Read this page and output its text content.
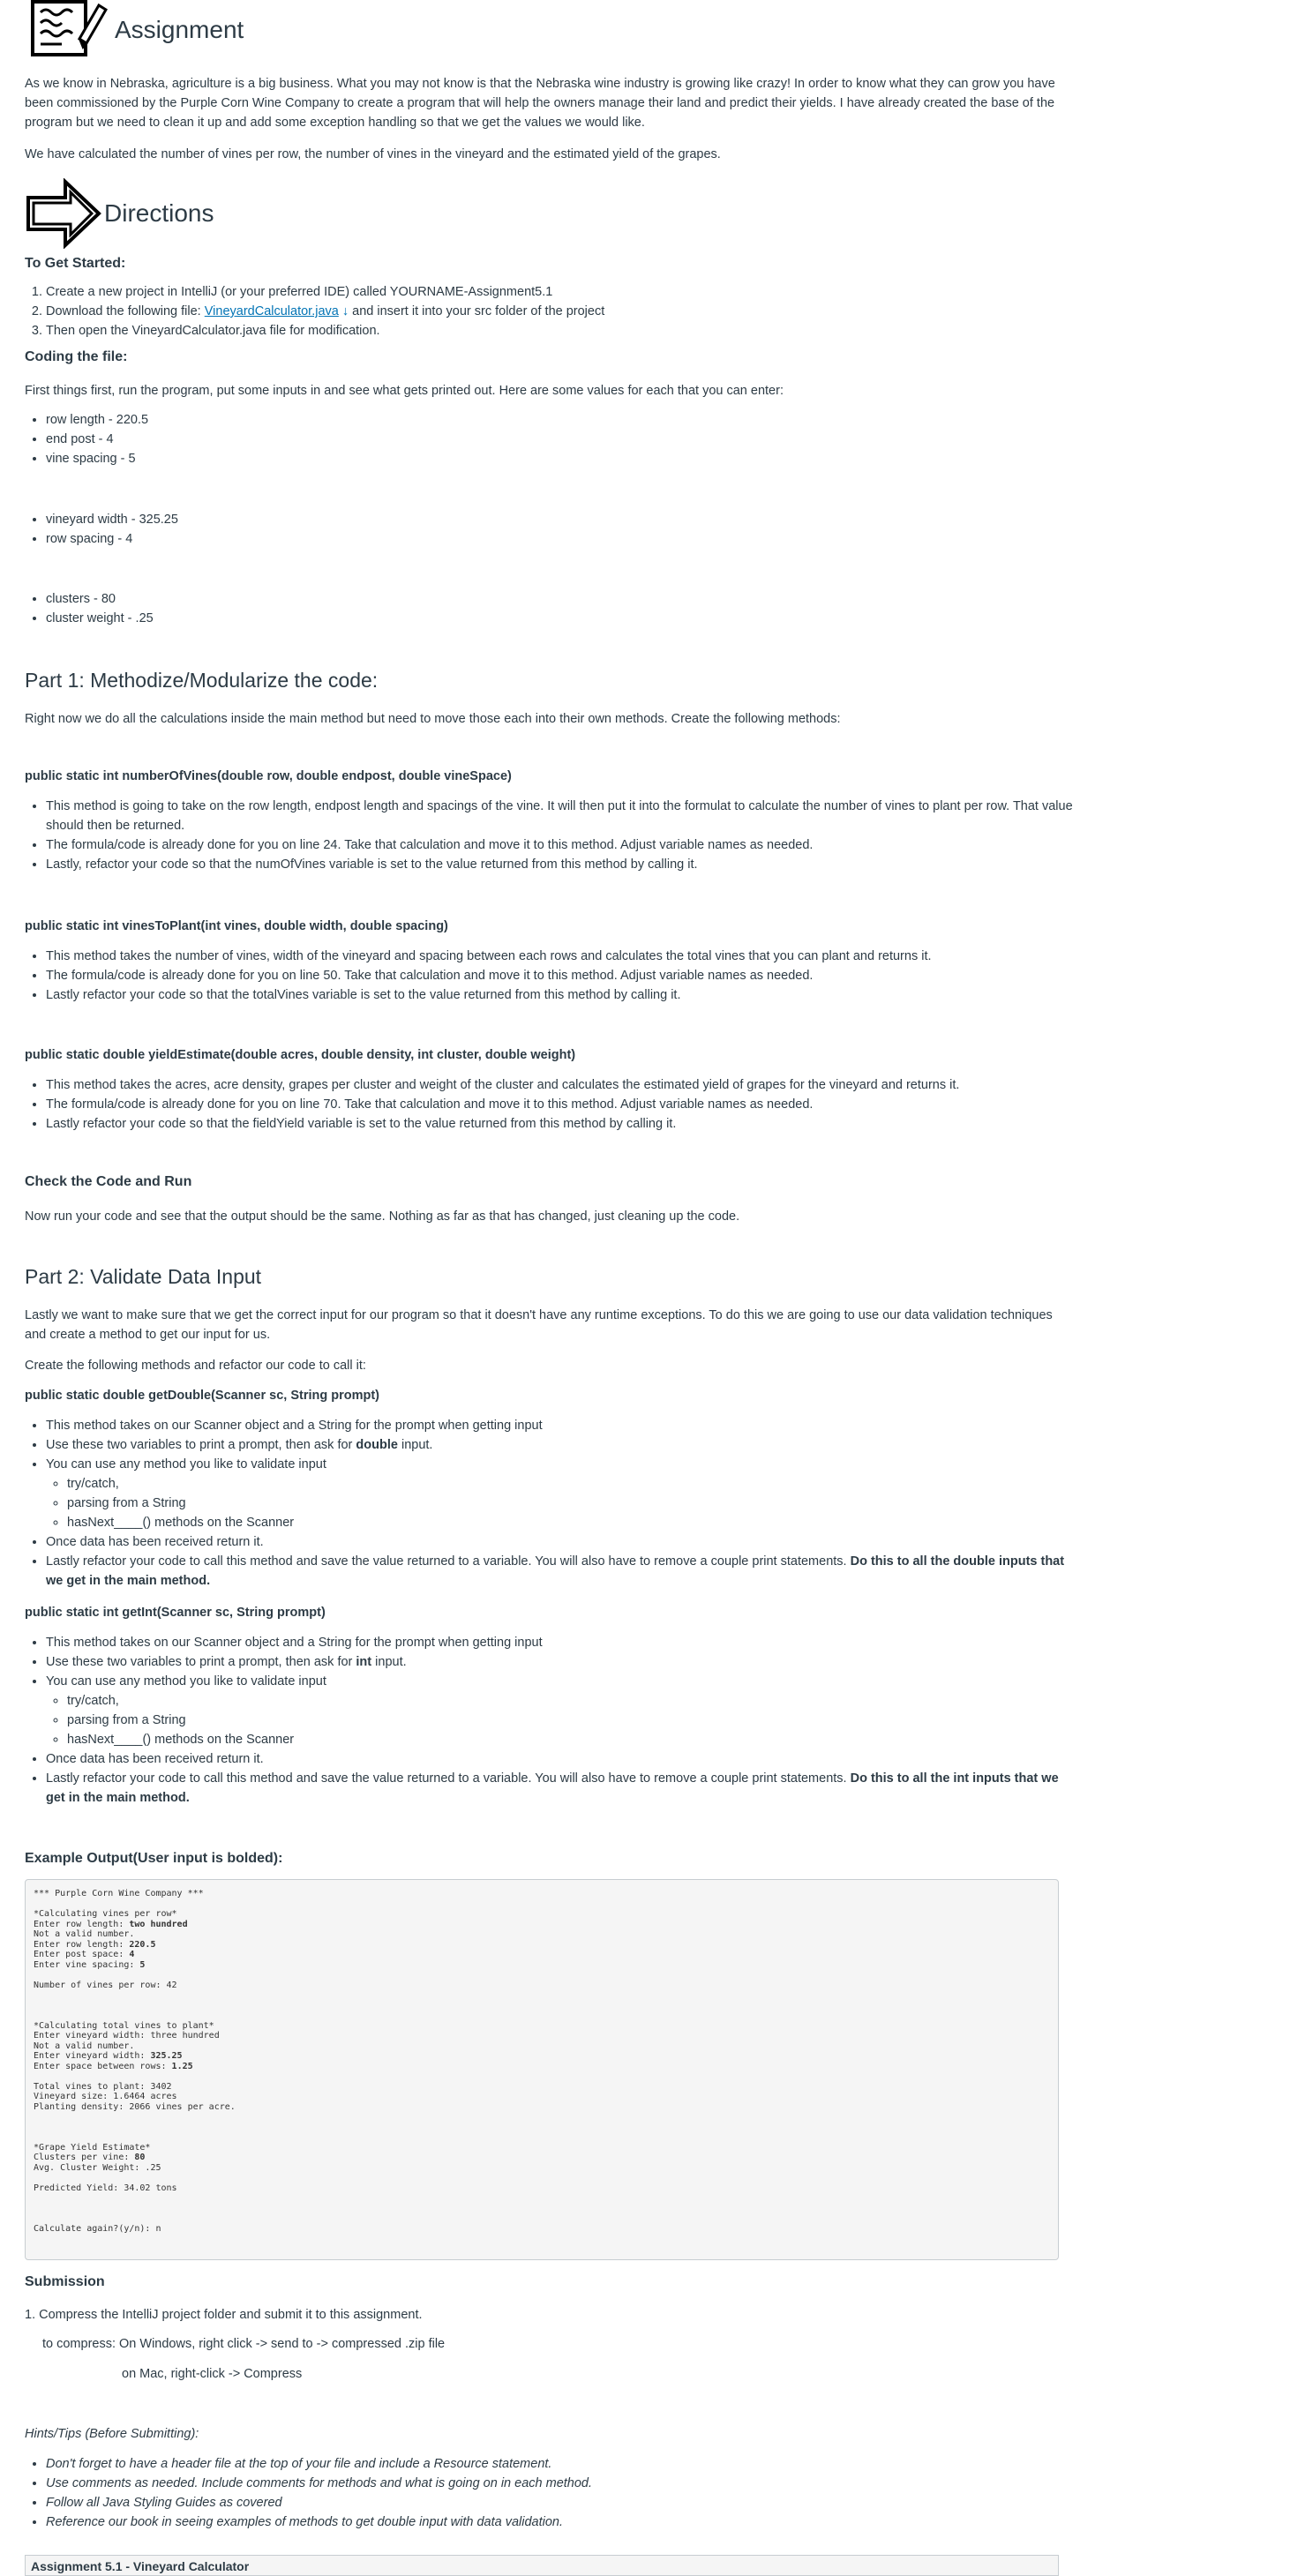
Assignment

As we know in Nebraska, agriculture is a big business. What you may not know is that the Nebraska wine industry is growing like crazy! In order to know what they can grow you have been commissioned by the Purple Corn Wine Company to create a program that will help the owners manage their land and predict their yields. I have already created the base of the program but we need to clean it up and add some exception handling so that we get the values we would like.

We have calculated the number of vines per row, the number of vines in the vineyard and the estimated yield of the grapes.

Directions
To Get Started:
1. Create a new project in IntelliJ (or your preferred IDE) called YOURNAME-Assignment5.1
2. Download the following file: VineyardCalculator.java ↓ and insert it into your src folder of the project
3. Then open the VineyardCalculator.java file for modification.
Coding the file:

First things first, run the program, put some inputs in and see what gets printed out. Here are some values for each that you can enter:

• row length - 220.5
• end post - 4
• vine spacing - 5
• vineyard width - 325.25
• row spacing - 4
• clusters - 80
• cluster weight - .25
Part 1: Methodize/Modularize the code:

Right now we do all the calculations inside the main method but need to move those each into their own methods. Create the following methods:

public static int numberOfVines(double row, double endpost, double vineSpace)
• This method is going to take on the row length, endpost length and spacings of the vine. It will then put it into the formulat to calculate the number of vines to plant per row. That value should then be returned.
• The formula/code is already done for you on line 24. Take that calculation and move it to this method. Adjust variable names as needed.
• Lastly, refactor your code so that the numOfVines variable is set to the value returned from this method by calling it.
public static int vinesToPlant(int vines, double width, double spacing)
• This method takes the number of vines, width of the vineyard and spacing between each rows and calculates the total vines that you can plant and returns it.
• The formula/code is already done for you on line 50. Take that calculation and move it to this method. Adjust variable names as needed.
• Lastly refactor your code so that the totalVines variable is set to the value returned from this method by calling it.
public static double yieldEstimate(double acres, double density, int cluster, double weight)
• This method takes the acres, acre density, grapes per cluster and weight of the cluster and calculates the estimated yield of grapes for the vineyard and returns it.
• The formula/code is already done for you on line 70. Take that calculation and move it to this method. Adjust variable names as needed.
• Lastly refactor your code so that the fieldYield variable is set to the value returned from this method by calling it.
Check the Code and Run

Now run your code and see that the output should be the same. Nothing as far as that has changed, just cleaning up the code.

Part 2: Validate Data Input

Lastly we want to make sure that we get the correct input for our program so that it doesn't have any runtime exceptions. To do this we are going to use our data validation techniques and create a method to get our input for us.

Create the following methods and refactor our code to call it:

public static double getDouble(Scanner sc, String prompt)
• This method takes on our Scanner object and a String for the prompt when getting input
• Use these two variables to print a prompt, then ask for double input.
• You can use any method you like to validate input
◦ try/catch,
◦ parsing from a String
◦ hasNext____() methods on the Scanner
• Once data has been received return it.
• Lastly refactor your code to call this method and save the value returned to a variable. You will also have to remove a couple print statements. Do this to all the double inputs that we get in the main method.
public static int getInt(Scanner sc, String prompt)
• This method takes on our Scanner object and a String for the prompt when getting input
• Use these two variables to print a prompt, then ask for int input.
• You can use any method you like to validate input
◦ try/catch,
◦ parsing from a String
◦ hasNext____() methods on the Scanner
• Once data has been received return it.
• Lastly refactor your code to call this method and save the value returned to a variable. You will also have to remove a couple print statements. Do this to all the int inputs that we get in the main method.
Example Output(User input is bolded):
*** Purple Corn Wine Company ***

*Calculating vines per row*
Enter row length: two hundred
Not a valid number.
Enter row length: 220.5
Enter post space: 4
Enter vine spacing: 5

Number of vines per row: 42

*Calculating total vines to plant*
Enter vineyard width: three hundred
Not a valid number.
Enter vineyard width: 325.25
Enter space between rows: 1.25

Total vines to plant: 3402
Vineyard size: 1.6464 acres
Planting density: 2066 vines per acre.

*Grape Yield Estimate*
Clusters per vine: 80
Avg. Cluster Weight: .25

Predicted Yield: 34.02 tons

Calculate again?(y/n): n
Submission

1. Compress the IntelliJ project folder and submit it to this assignment.

to compress: On Windows, right click -> send to -> compressed .zip file
on Mac, right-click -> Compress
Hints/Tips (Before Submitting):
• Don't forget to have a header file at the top of your file and include a Resource statement.
• Use comments as needed. Include comments for methods and what is going on in each method.
• Follow all Java Styling Guides as covered
• Reference our book in seeing examples of methods to get double input with data validation.
Assignment 5.1 - Vineyard Calculator
